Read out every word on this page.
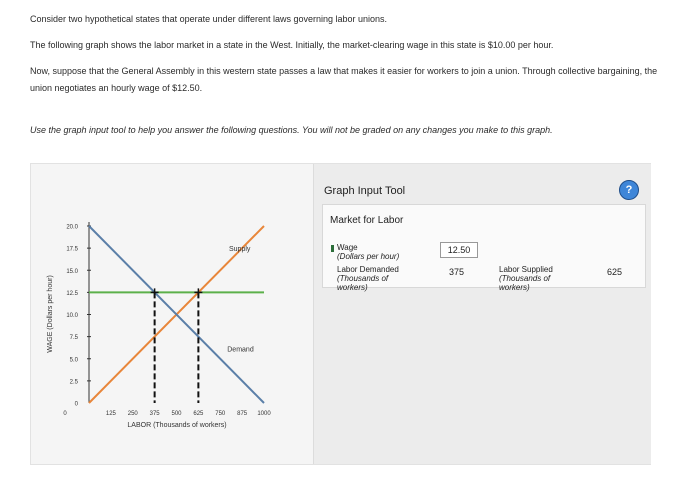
Consider two hypothetical states that operate under different laws governing labor unions.
The following graph shows the labor market in a state in the West. Initially, the market-clearing wage in this state is $10.00 per hour.
Now, suppose that the General Assembly in this western state passes a law that makes it easier for workers to join a union. Through collective bargaining, the union negotiates an hourly wage of $12.50.
Use the graph input tool to help you answer the following questions. You will not be graded on any changes you make to this graph.
0
2.5
5.0
7.5
10.0
12.5
15.0
17.5
20.0
0	125 250 375 500 625 750 875 1000
LABOR (Thousands of workers)
WAGE (Dollars per hour)
Supply
Demand
Graph Input Tool	?
Market for Labor
Wage
(Dollars per hour)
12.50
Labor Demanded
(Thousands of workers)
375	Labor Supplied
(Thousands of workers)
625
